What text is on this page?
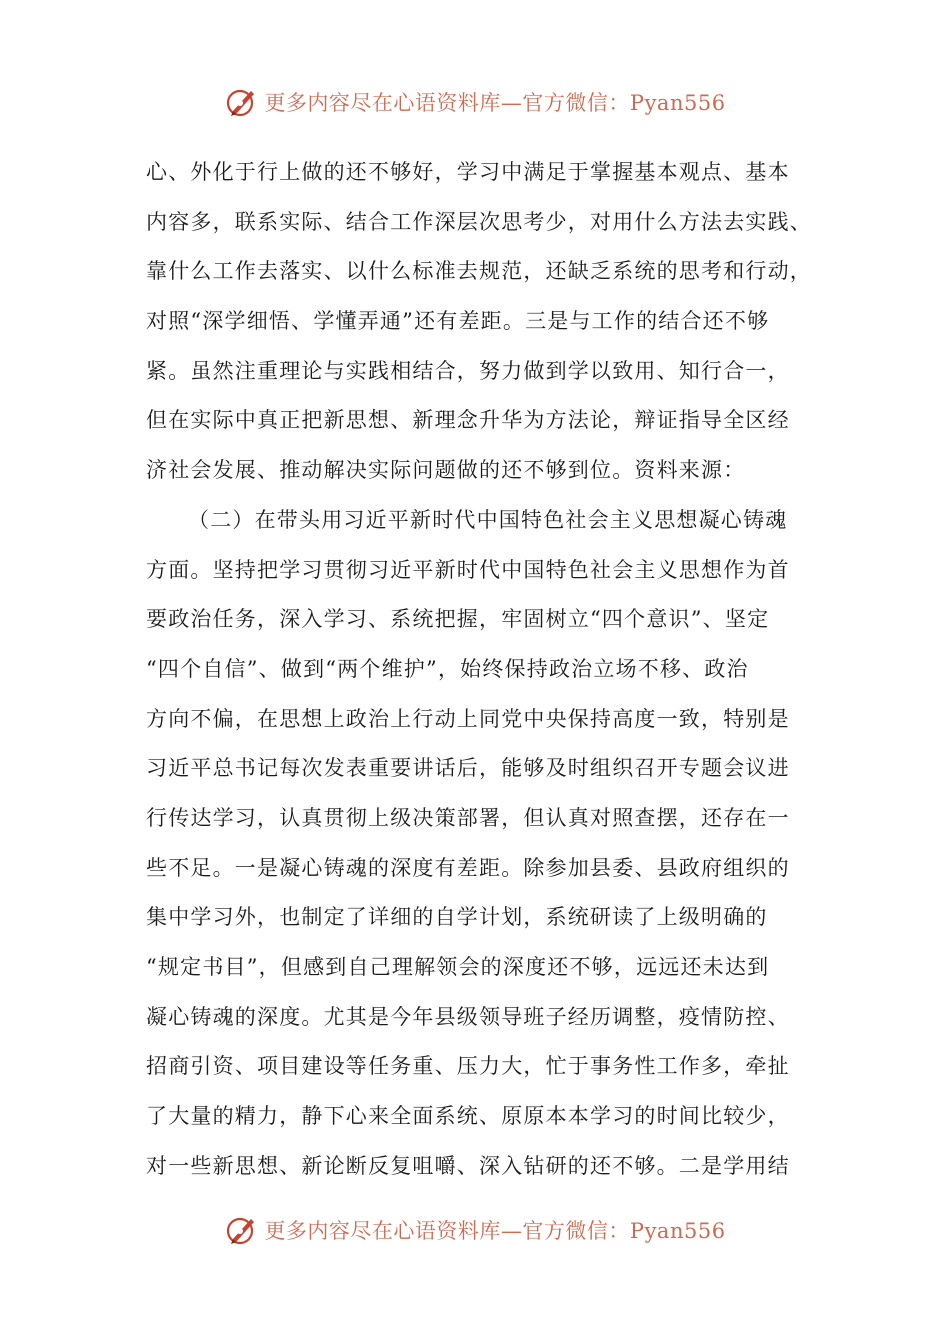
更多内容尽在心语资料库—官方微信：Pyan556
心、外化于行上做的还不够好，学习中满足于掌握基本观点、基本
内容多，联系实际、结合工作深层次思考少，对用什么方法去实践、
靠什么工作去落实、以什么标准去规范，还缺乏系统的思考和行动，
对照“深学细悟、学懂弄通”还有差距。三是与工作的结合还不够
紧。虽然注重理论与实践相结合，努力做到学以致用、知行合一，
但在实际中真正把新思想、新理念升华为方法论，辩证指导全区经
济社会发展、推动解决实际问题做的还不够到位。资料来源：
（二）在带头用习近平新时代中国特色社会主义思想凝心铸魂
方面。坚持把学习贯彻习近平新时代中国特色社会主义思想作为首
要政治任务，深入学习、系统把握，牢固树立“四个意识”、坚定
“四个自信”、做到“两个维护”，始终保持政治立场不移、政治
方向不偏，在思想上政治上行动上同党中央保持高度一致，特别是
习近平总书记每次发表重要讲话后，能够及时组织召开专题会议进
行传达学习，认真贯彻上级决策部署，但认真对照查摆，还存在一
些不足。一是凝心铸魂的深度有差距。除参加县委、县政府组织的
集中学习外，也制定了详细的自学计划，系统研读了上级明确的
“规定书目”，但感到自己理解领会的深度还不够，远远还未达到
凝心铸魂的深度。尤其是今年县级领导班子经历调整，疫情防控、
招商引资、项目建设等任务重、压力大，忙于事务性工作多，牵扯
了大量的精力，静下心来全面系统、原原本本学习的时间比较少，
对一些新思想、新论断反复咀嚼、深入钻研的还不够。二是学用结
更多内容尽在心语资料库—官方微信：Pyan556
